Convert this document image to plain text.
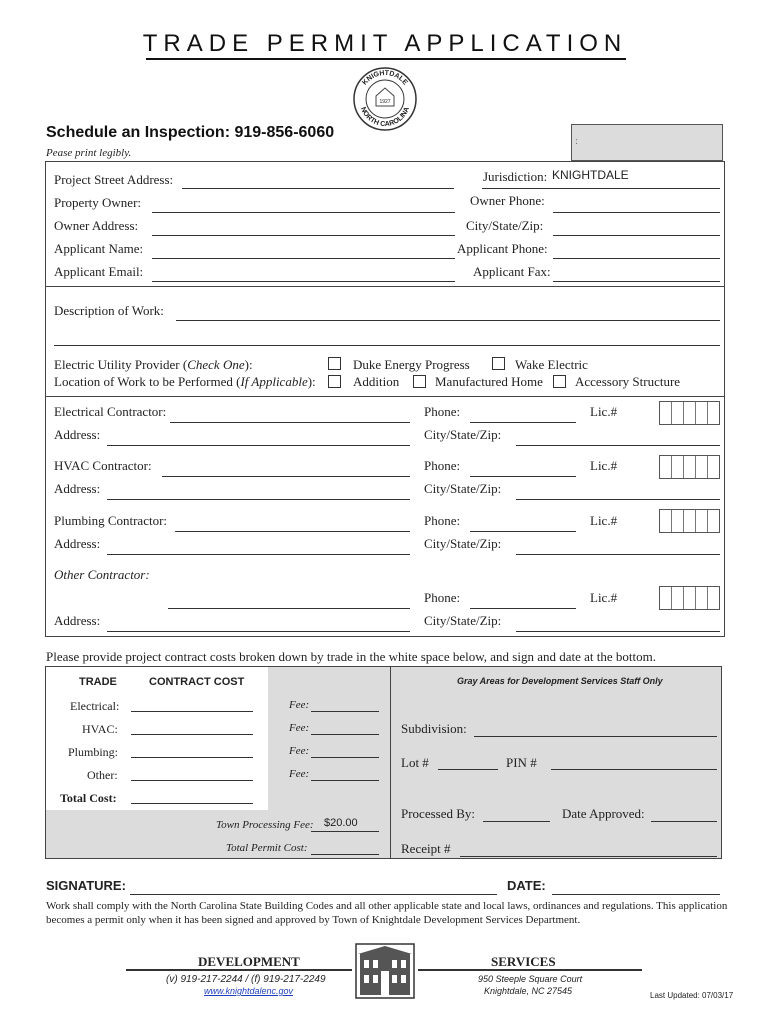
TRADE PERMIT APPLICATION
KNIGHTDALE
NORTH CAROLINA
1927
Schedule an Inspection: 919-856-6060
Pease print legibly.
:
Project Street Address:	Jurisdiction: KNIGHTDALE
Property Owner:	Owner Phone:
Owner Address:	City/State/Zip:
Applicant Name:	Applicant Phone:
Applicant Email:	Applicant Fax:
Description of Work:
Electric Utility Provider (Check One):	Duke Energy Progress	Wake Electric
Location of Work to be Performed (If Applicable):	Addition	Manufactured Home Accessory Structure
Electrical Contractor:	Phone:	Lic.#
Address:	City/State/Zip:
HVAC Contractor:	Phone:	Lic.#
Address:	City/State/Zip:
Plumbing Contractor:	Phone:	Lic.#
Address:	City/State/Zip:
Other Contractor:
Phone:	Lic.#
Address:	City/State/Zip:
Please provide project contract costs broken down by trade in the white space below, and sign and date at the bottom.
TRADE	CONTRACT COST	Gray Areas for Development Services Staff Only
Electrical:	Fee:
HVAC:	Fee:
Plumbing:	Fee:
Other:	Fee:
Total Cost:
Town Processing Fee: $20.00
Total Permit Cost:
Subdivision:
Lot #	PIN #
Processed By:	Date Approved:
Receipt #
SIGNATURE:	DATE:
Work shall comply with the North Carolina State Building Codes and all other applicable state and local laws, ordinances and regulations. This application
becomes a permit only when it has been signed and approved by Town of Knightdale Development Services Department.
DEVELOPMENT	SERVICES
(v) 919-217-2244 / (f) 919-217-2249
www.knightdalenc.gov
950 Steeple Square Court
Knightdale, NC 27545	Last Updated: 07/03/17
